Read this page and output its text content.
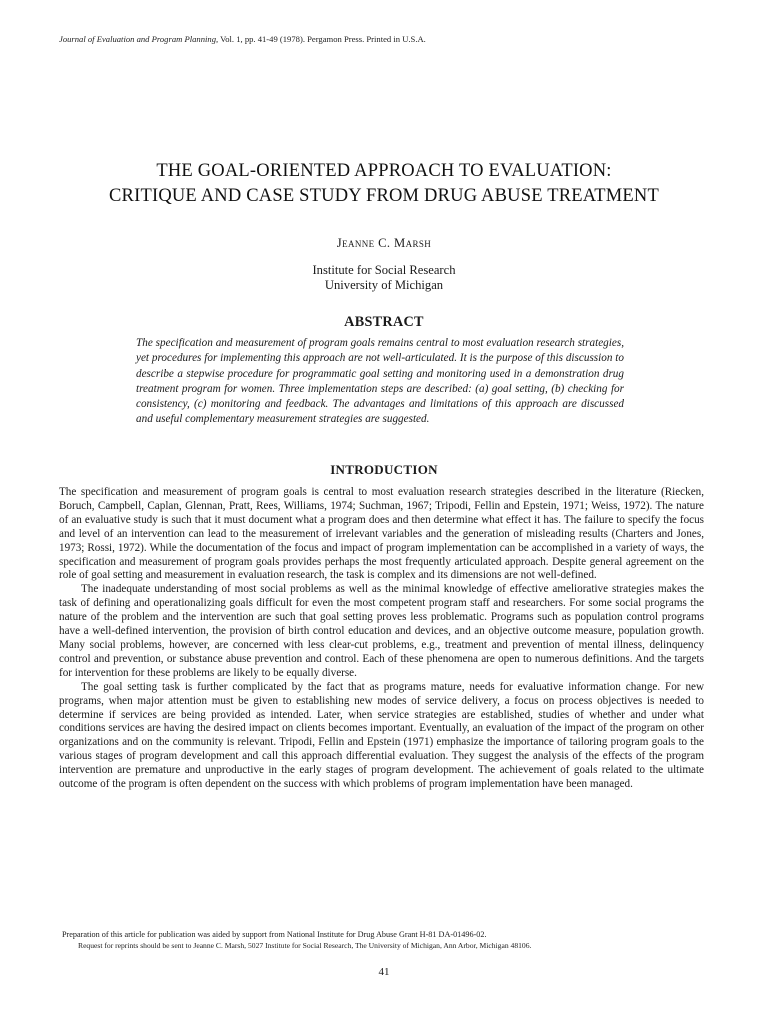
Journal of Evaluation and Program Planning, Vol. 1, pp. 41-49 (1978). Pergamon Press. Printed in U.S.A.
THE GOAL-ORIENTED APPROACH TO EVALUATION:
CRITIQUE AND CASE STUDY FROM DRUG ABUSE TREATMENT
Jeanne C. Marsh
Institute for Social Research
University of Michigan
ABSTRACT
The specification and measurement of program goals remains central to most evaluation research strategies, yet procedures for implementing this approach are not well-articulated. It is the purpose of this discussion to describe a stepwise procedure for programmatic goal setting and monitoring used in a demonstration drug treatment program for women. Three implementation steps are described: (a) goal setting, (b) checking for consistency, (c) monitoring and feedback. The advantages and limitations of this approach are discussed and useful complementary measurement strategies are suggested.
INTRODUCTION

The specification and measurement of program goals is central to most evaluation research strategies described in the literature (Riecken, Boruch, Campbell, Caplan, Glennan, Pratt, Rees, Williams, 1974; Suchman, 1967; Tripodi, Fellin and Epstein, 1971; Weiss, 1972). The nature of an evaluative study is such that it must document what a program does and then determine what effect it has. The failure to specify the focus and level of an intervention can lead to the measurement of irrelevant variables and the generation of misleading results (Charters and Jones, 1973; Rossi, 1972). While the documentation of the focus and impact of program implementation can be accomplished in a variety of ways, the specification and measurement of program goals provides perhaps the most frequently articulated approach. Despite general agreement on the role of goal setting and measurement in evaluation research, the task is complex and its dimensions are not well-defined.

The inadequate understanding of most social problems as well as the minimal knowledge of effective ameliorative strategies makes the task of defining and operationalizing goals difficult for even the most competent program staff and researchers. For some social programs the nature of the problem and the intervention are such that goal setting proves less problematic. Programs such as population control programs have a well-defined intervention, the provision of birth control education and devices, and an objective outcome measure, population growth. Many social problems, however, are concerned with less clear-cut problems, e.g., treatment and prevention of mental illness, delinquency control and prevention, or substance abuse prevention and control. Each of these phenomena are open to numerous definitions. And the targets for intervention for these problems are likely to be equally diverse.

The goal setting task is further complicated by the fact that as programs mature, needs for evaluative information change. For new programs, when major attention must be given to establishing new modes of service delivery, a focus on process objectives is needed to determine if services are being provided as intended. Later, when service strategies are established, studies of whether and under what conditions services are having the desired impact on clients becomes important. Eventually, an evaluation of the impact of the program on other organizations and on the community is relevant. Tripodi, Fellin and Epstein (1971) emphasize the importance of tailoring program goals to the various stages of program development and call this approach differential evaluation. They suggest the analysis of the effects of the program intervention are premature and unproductive in the early stages of program development. The achievement of goals related to the ultimate outcome of the program is often dependent on the success with which problems of program implementation have been managed.

Preparation of this article for publication was aided by support from National Institute for Drug Abuse Grant H-81 DA-01496-02.
Request for reprints should be sent to Jeanne C. Marsh, 5027 Institute for Social Research, The University of Michigan, Ann Arbor, Michigan 48106.
41
